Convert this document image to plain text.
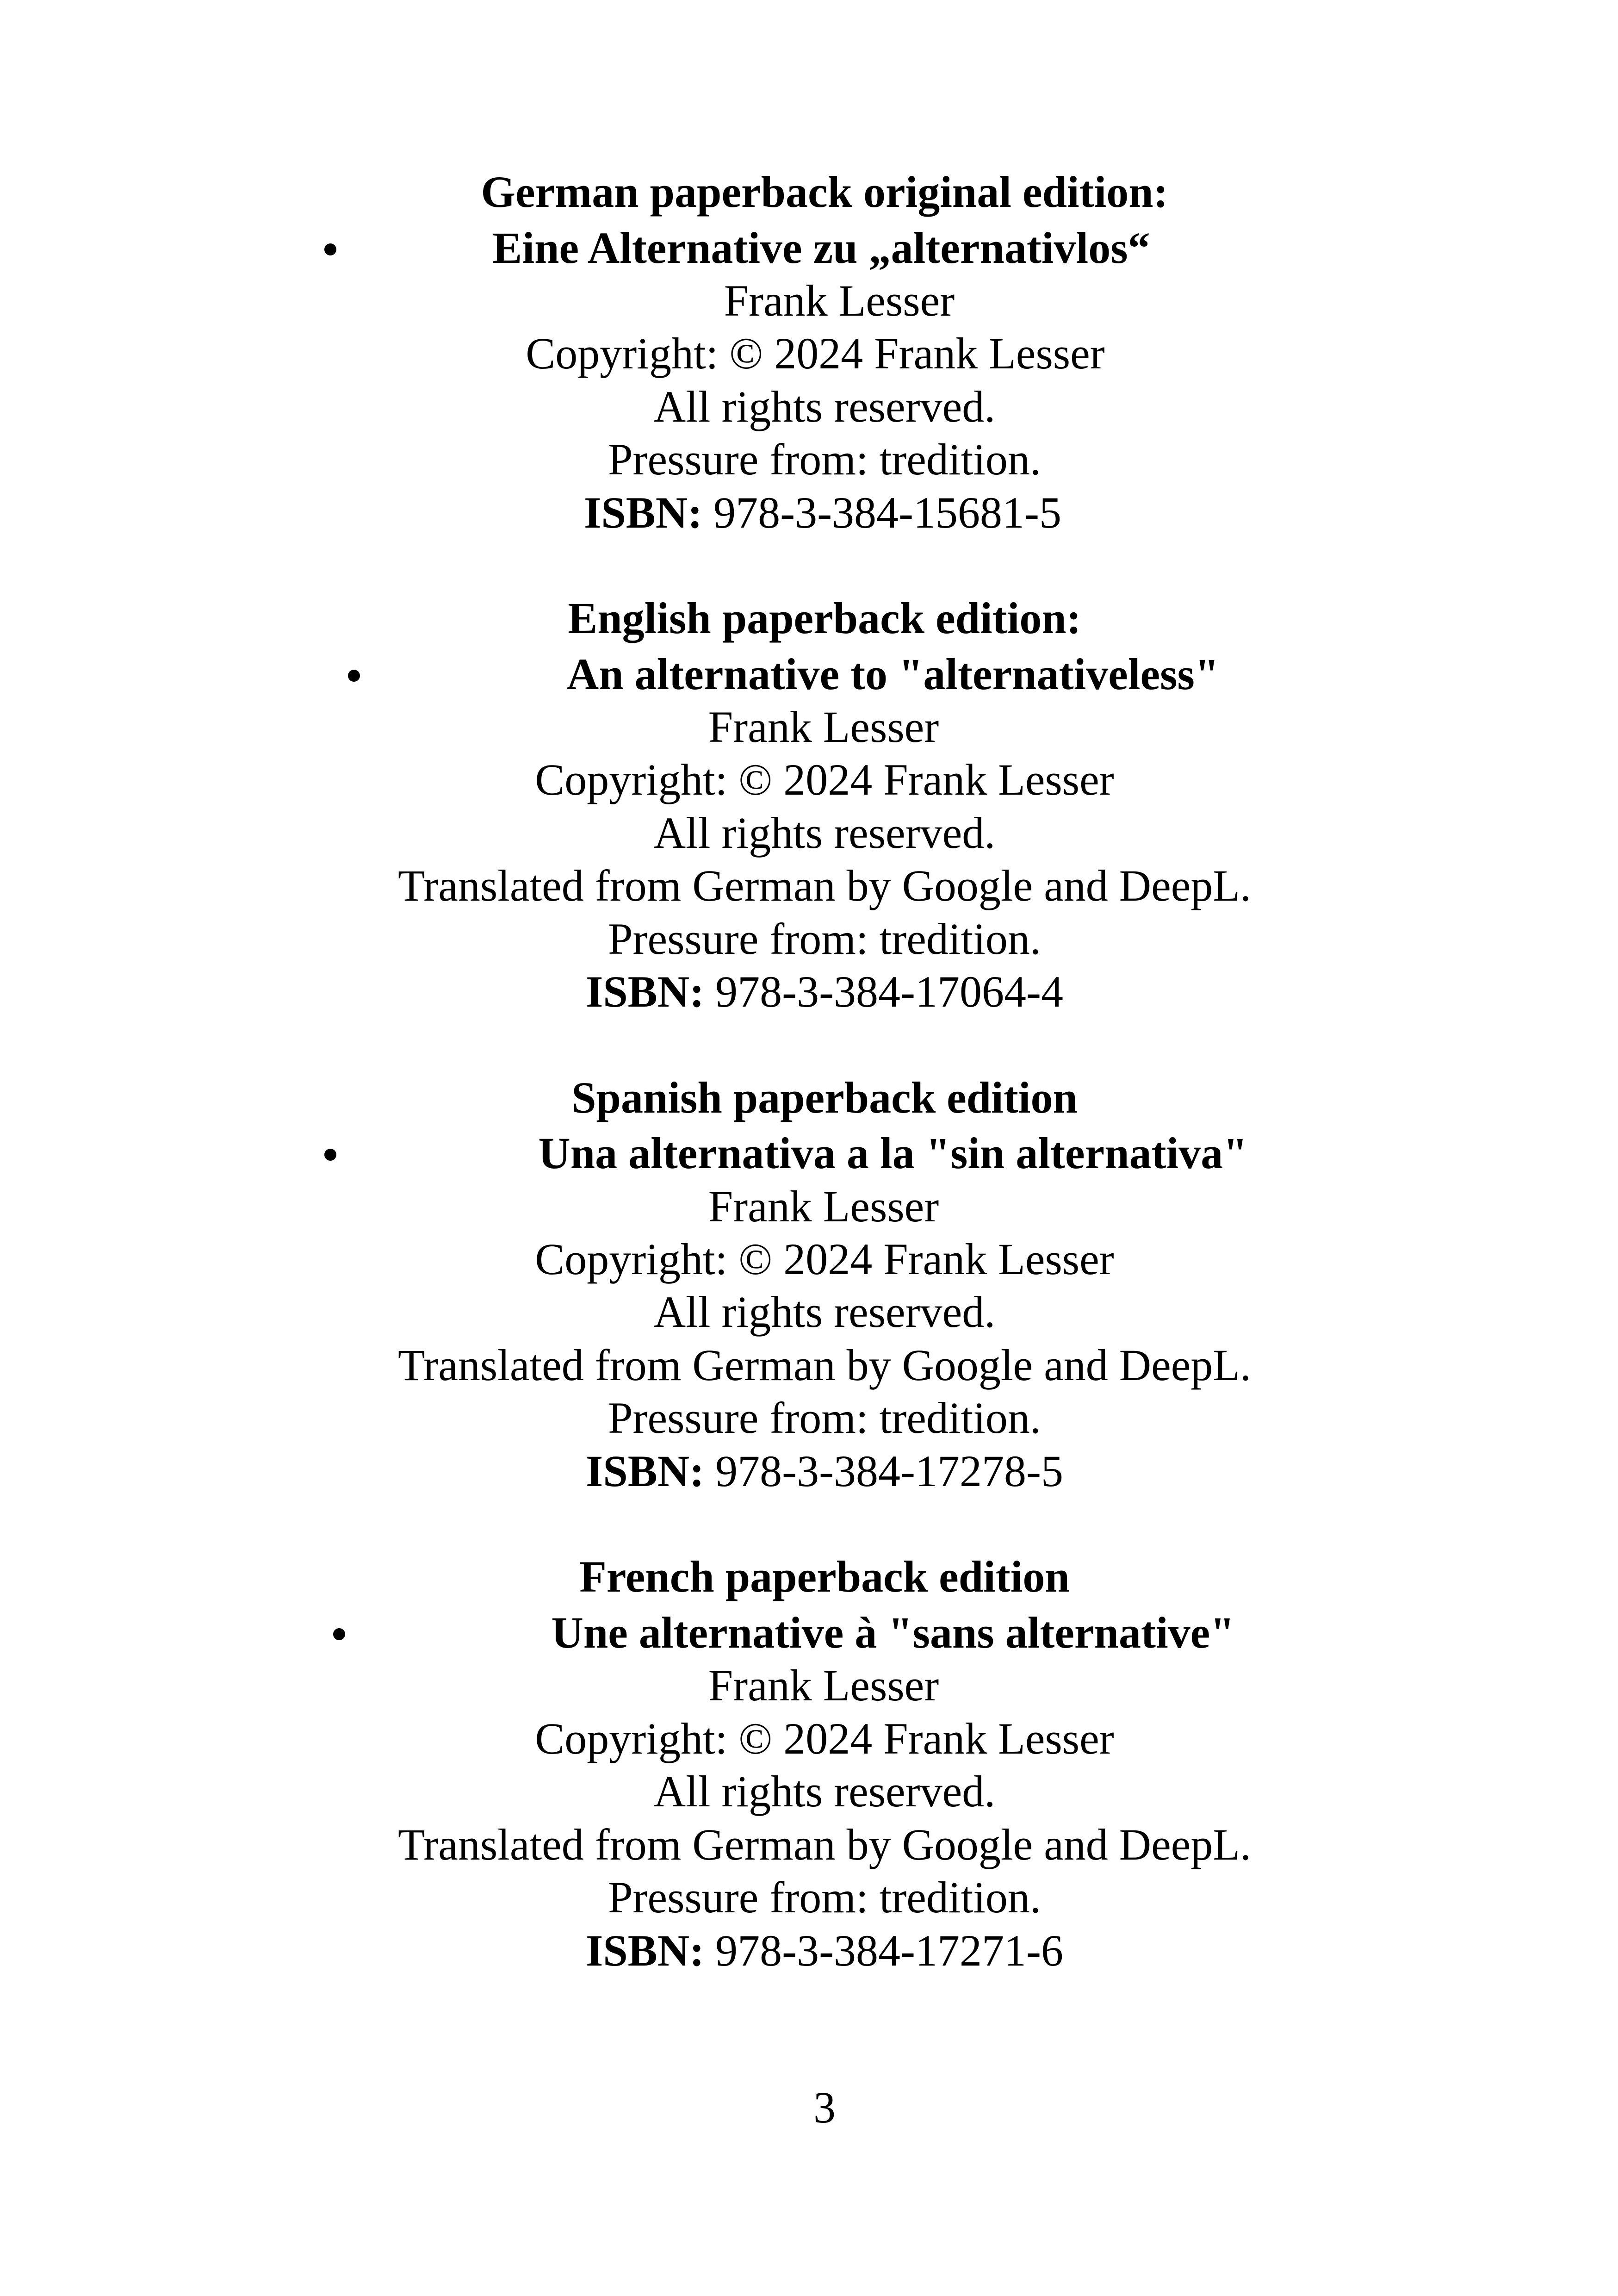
German paperback original edition:
Eine Alternative zu „alternativlos“
Frank Lesser
Copyright: © 2024 Frank Lesser
All rights reserved.
Pressure from: tredition.
ISBN: 978-3-384-15681-5
English paperback edition:
An alternative to "alternativeless"
Frank Lesser
Copyright: © 2024 Frank Lesser
All rights reserved.
Translated from German by Google and DeepL.
Pressure from: tredition.
ISBN: 978-3-384-17064-4
Spanish paperback edition
Una alternativa a la "sin alternativa"
Frank Lesser
Copyright: © 2024 Frank Lesser
All rights reserved.
Translated from German by Google and DeepL.
Pressure from: tredition.
ISBN: 978-3-384-17278-5
French paperback edition
Une alternative à "sans alternative"
Frank Lesser
Copyright: © 2024 Frank Lesser
All rights reserved.
Translated from German by Google and DeepL.
Pressure from: tredition.
ISBN: 978-3-384-17271-6
3
